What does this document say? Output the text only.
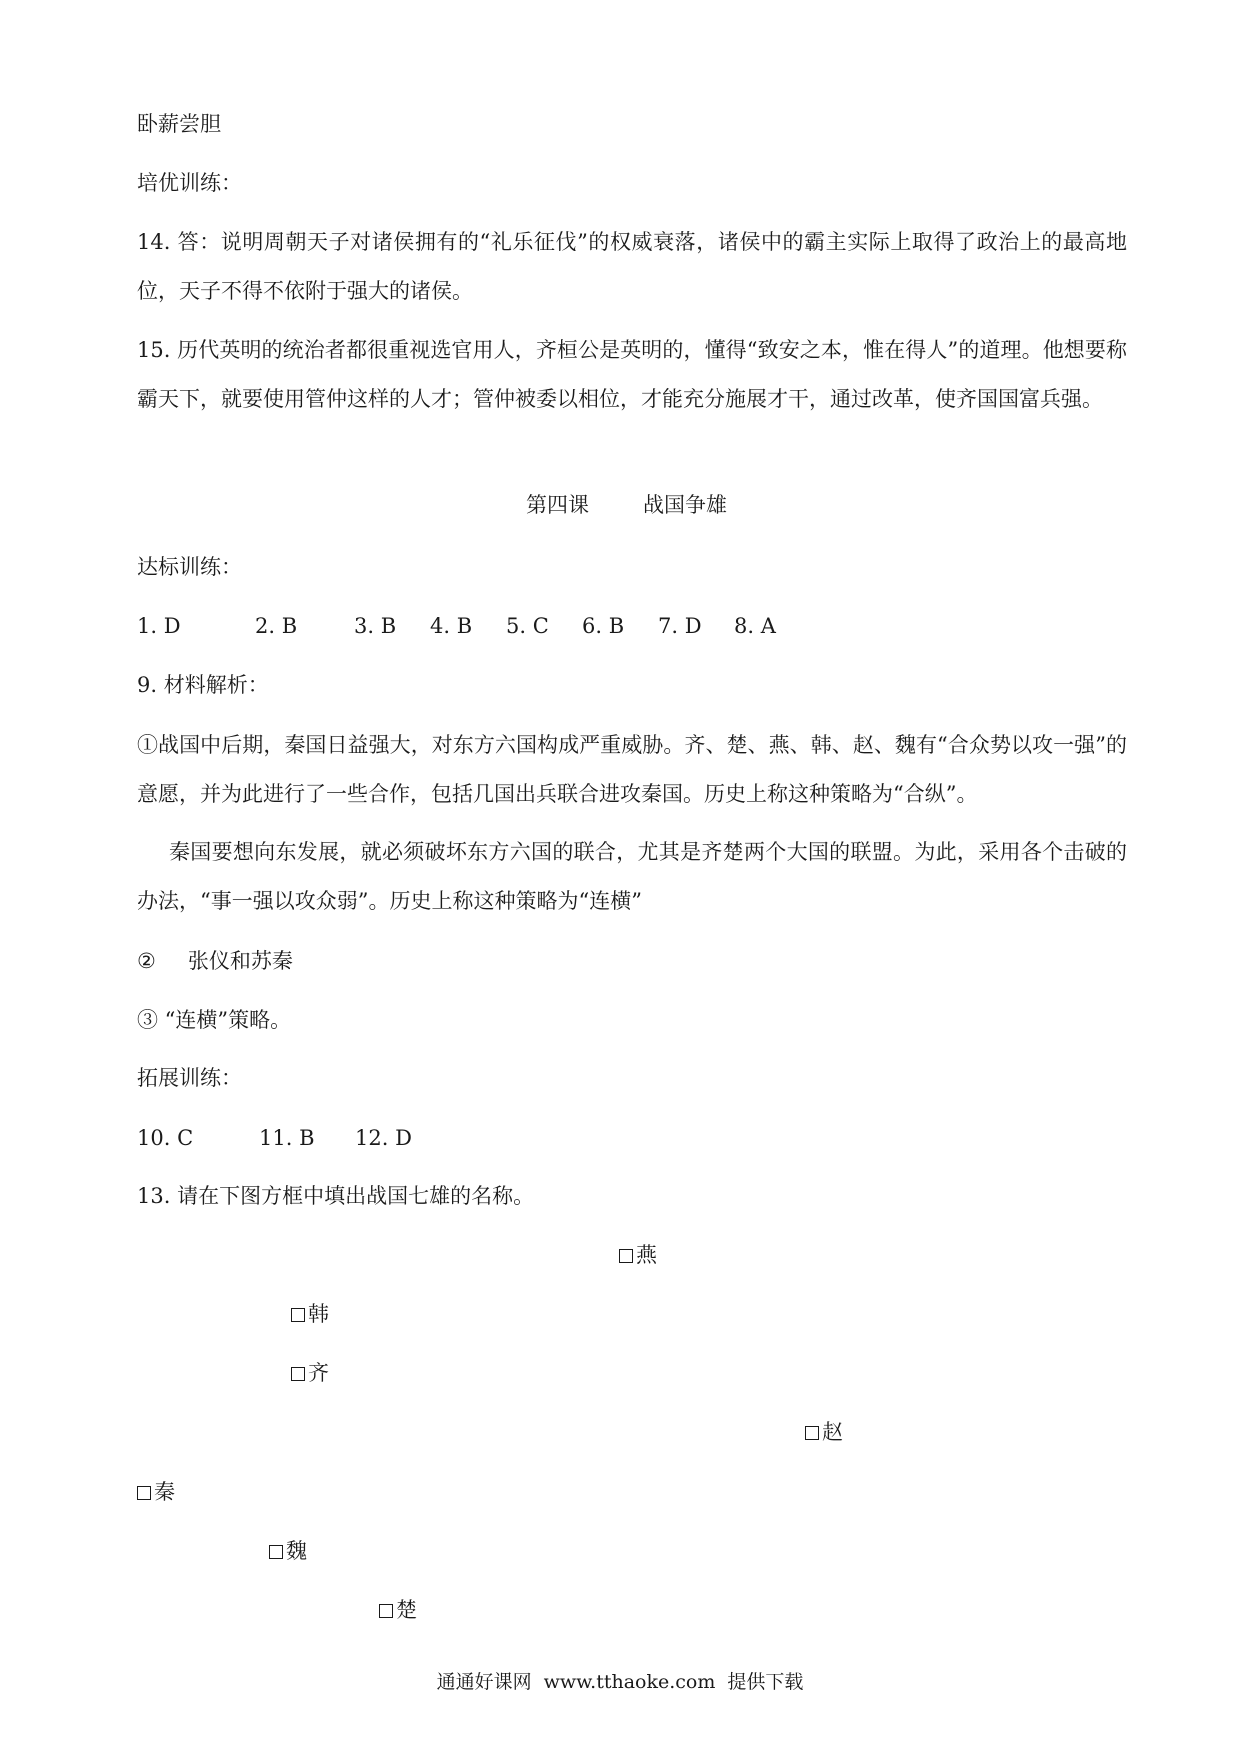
卧薪尝胆
培优训练：
14. 答：说明周朝天子对诸侯拥有的“礼乐征伐”的权威衰落，诸侯中的霸主实际上取得了政治上的最高地位，天子不得不依附于强大的诸侯。
15. 历代英明的统治者都很重视选官用人，齐桓公是英明的，懂得“致安之本，惟在得人”的道理。他想要称霸天下，就要使用管仲这样的人才；管仲被委以相位，才能充分施展才干，通过改革，使齐国国富兵强。
第四课	战国争雄
达标训练：
1. D	2. B	3. B 4. B 5. C 6. B 7. D 8. A
9. 材料解析：
①战国中后期，秦国日益强大，对东方六国构成严重威胁。齐、楚、燕、韩、赵、魏有“合众势以攻一强”的意愿，并为此进行了一些合作，包括几国出兵联合进攻秦国。历史上称这种策略为“合纵”。
秦国要想向东发展，就必须破坏东方六国的联合，尤其是齐楚两个大国的联盟。为此，采用各个击破的办法，“事一强以攻众弱”。历史上称这种策略为“连横”
② 张仪和苏秦
③ “连横”策略。
拓展训练：
10. C	11. B 12. D
13. 请在下图方框中填出战国七雄的名称。
燕
韩
齐
赵
秦
魏
楚
通通好课网 www.tthaoke.com 提供下载
